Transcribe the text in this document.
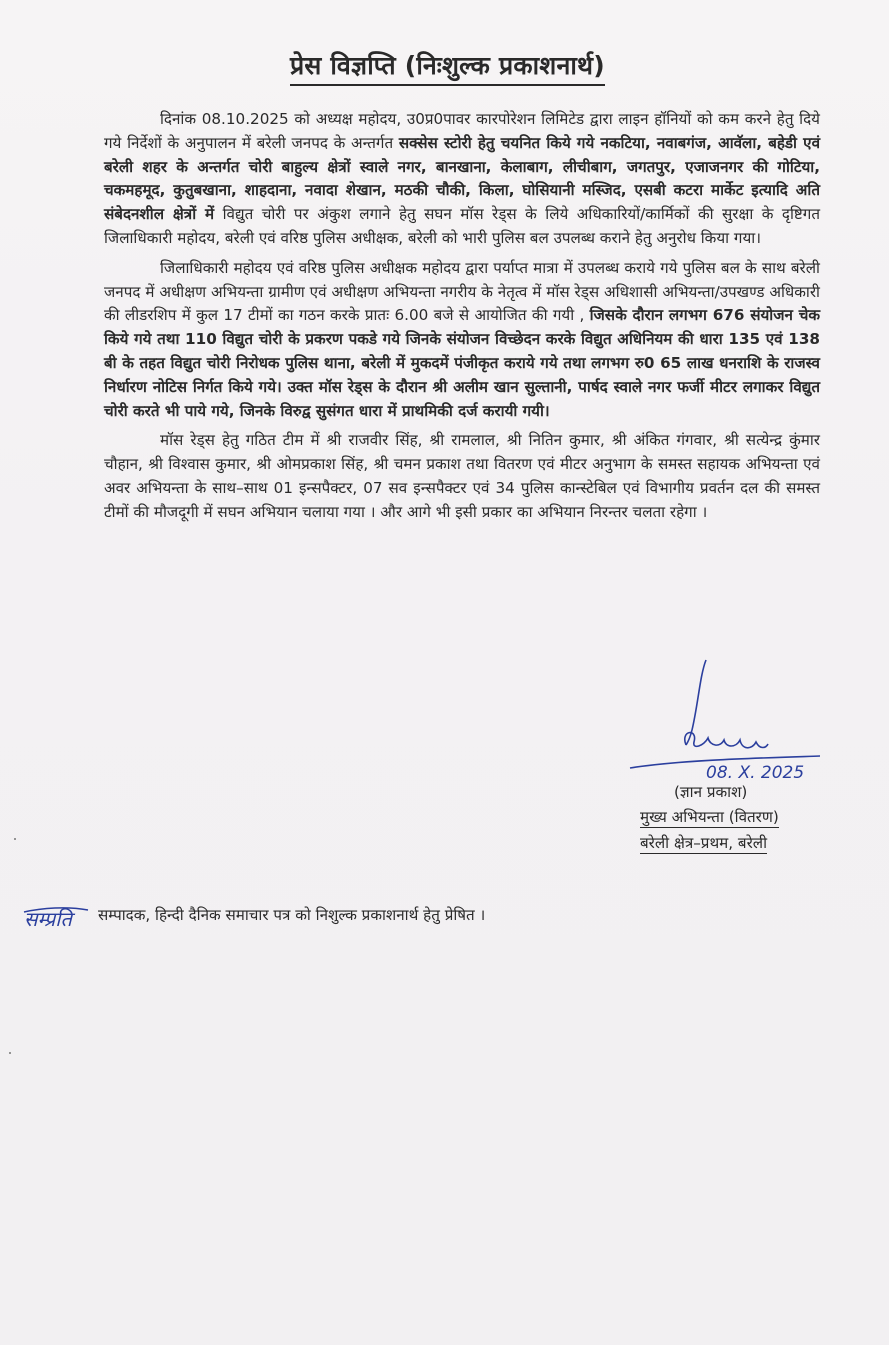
प्रेस विज्ञप्ति (निःशुल्क प्रकाशनार्थ)

दिनांक 08.10.2025 को अध्यक्ष महोदय, उ0प्र0पावर कारपोरेशन लिमिटेड द्वारा लाइन हॉनियों को कम करने हेतु दिये गये निर्देशों के अनुपालन में बरेली जनपद के अन्तर्गत सक्सेस स्टोरी हेतु चयनित किये गये नकटिया, नवाबगंज, आवॅला, बहेडी एवं बरेली शहर के अन्तर्गत चोरी बाहुल्य क्षेत्रों स्वाले नगर, बानखाना, केलाबाग, लीचीबाग, जगतपुर, एजाजनगर की गोटिया, चकमहमूद, कुतुबखाना, शाहदाना, नवादा शेखान, मठकी चौकी, किला, घोसियानी मस्जिद, एसबी कटरा मार्केट इत्यादि अति संबेदनशील क्षेत्रों में विद्युत चोरी पर अंकुश लगाने हेतु सघन मॉस रेड्स के लिये अधिकारियों/कार्मिकों की सुरक्षा के दृष्टिगत जिलाधिकारी महोदय, बरेली एवं वरिष्ठ पुलिस अधीक्षक, बरेली को भारी पुलिस बल उपलब्ध कराने हेतु अनुरोध किया गया।

जिलाधिकारी महोदय एवं वरिष्ठ पुलिस अधीक्षक महोदय द्वारा पर्याप्त मात्रा में उपलब्ध कराये गये पुलिस बल के साथ बरेली जनपद में अधीक्षण अभियन्ता ग्रामीण एवं अधीक्षण अभियन्ता नगरीय के नेतृत्व में मॉस रेड्स अधिशासी अभियन्ता/उपखण्ड अधिकारी की लीडरशिप में कुल 17 टीमों का गठन करके प्रातः 6.00 बजे से आयोजित की गयी , जिसके दौरान लगभग 676 संयोजन चेक किये गये तथा 110 विद्युत चोरी के प्रकरण पकडे गये जिनके संयोजन विच्छेदन करके विद्युत अधिनियम की धारा 135 एवं 138 बी के तहत विद्युत चोरी निरोधक पुलिस थाना, बरेली में मुकदमें पंजीकृत कराये गये तथा लगभग रु0 65 लाख धनराशि के राजस्व निर्धारण नोटिस निर्गत किये गये। उक्त मॉस रेड्स के दौरान श्री अलीम खान सुल्तानी, पार्षद स्वाले नगर फर्जी मीटर लगाकर विद्युत चोरी करते भी पाये गये, जिनके विरुद्व सुसंगत धारा में प्राथमिकी दर्ज करायी गयी।

मॉस रेड्स हेतु गठित टीम में श्री राजवीर सिंह, श्री रामलाल, श्री नितिन कुमार, श्री अंकित गंगवार, श्री सत्येन्द्र कुंमार चौहान, श्री विश्वास कुमार, श्री ओमप्रकाश सिंह, श्री चमन प्रकाश तथा वितरण एवं मीटर अनुभाग के समस्त सहायक अभियन्ता एवं अवर अभियन्ता के साथ–साथ 01 इन्सपैक्टर, 07 सव इन्सपैक्टर एवं 34 पुलिस कान्स्टेबिल एवं विभागीय प्रवर्तन दल की समस्त टीमों की मौजदूगी में सघन अभियान चलाया गया । और आगे भी इसी प्रकार का अभियान निरन्तर चलता रहेगा ।

08. X. 2025
(ज्ञान प्रकाश)
मुख्य अभियन्ता (वितरण)
बरेली क्षेत्र–प्रथम, बरेली
सम्प्रति सम्पादक, हिन्दी दैनिक समाचार पत्र को निशुल्क प्रकाशनार्थ हेतु प्रेषित ।
